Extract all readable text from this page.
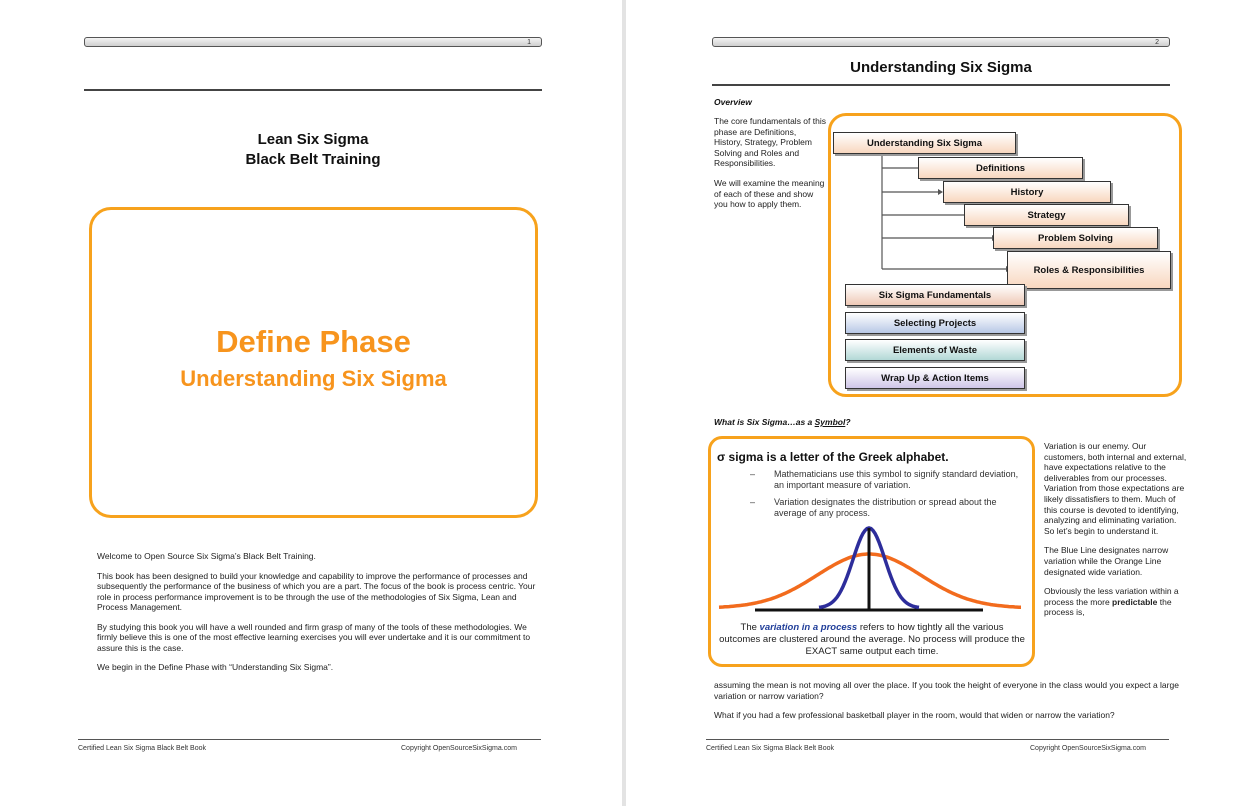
1
Lean Six Sigma
Black Belt Training
Define Phase
Understanding Six Sigma

Welcome to Open Source Six Sigma’s Black Belt Training.

This book has been designed to build your knowledge and capability to improve the performance of processes and subsequently the performance of the business of which you are a part. The focus of the book is process centric. Your role in process performance improvement is to be through the use of the methodologies of Six Sigma, Lean and Process Management.

By studying this book you will have a well rounded and firm grasp of many of the tools of these methodologies. We firmly believe this is one of the most effective learning exercises you will ever undertake and it is our commitment to assure this is the case.

We begin in the Define Phase with “Understanding Six Sigma”.

Certified Lean Six Sigma Black Belt Book	Copyright OpenSourceSixSigma.com
2
Understanding Six Sigma
Overview

The core fundamentals of this phase are Definitions, History, Strategy, Problem Solving and Roles and Responsibilities.

We will examine the meaning of each of these and show you how to apply them.

Understanding Six Sigma
Definitions
History
Strategy
Problem Solving
Roles & Responsibilities
Six Sigma Fundamentals
Selecting Projects
Elements of Waste
Wrap Up & Action Items
What is Six Sigma…as a Symbol?
σ sigma is a letter of the Greek alphabet.
– Mathematicians use this symbol to signify standard deviation, an important measure of variation.
– Variation designates the distribution or spread about the average of any process.
The variation in a process refers to how tightly all the various outcomes are clustered around the average. No process will produce the EXACT same output each time.

Variation is our enemy. Our customers, both internal and external, have expectations relative to the deliverables from our processes. Variation from those expectations are likely dissatisfiers to them. Much of this course is devoted to identifying, analyzing and eliminating variation. So let’s begin to understand it.

The Blue Line designates narrow variation while the Orange Line designated wide variation.

Obviously the less variation within a process the more predictable the process is,

assuming the mean is not moving all over the place. If you took the height of everyone in the class would you expect a large variation or narrow variation?

What if you had a few professional basketball player in the room, would that widen or narrow the variation?

Certified Lean Six Sigma Black Belt Book	Copyright OpenSourceSixSigma.com
